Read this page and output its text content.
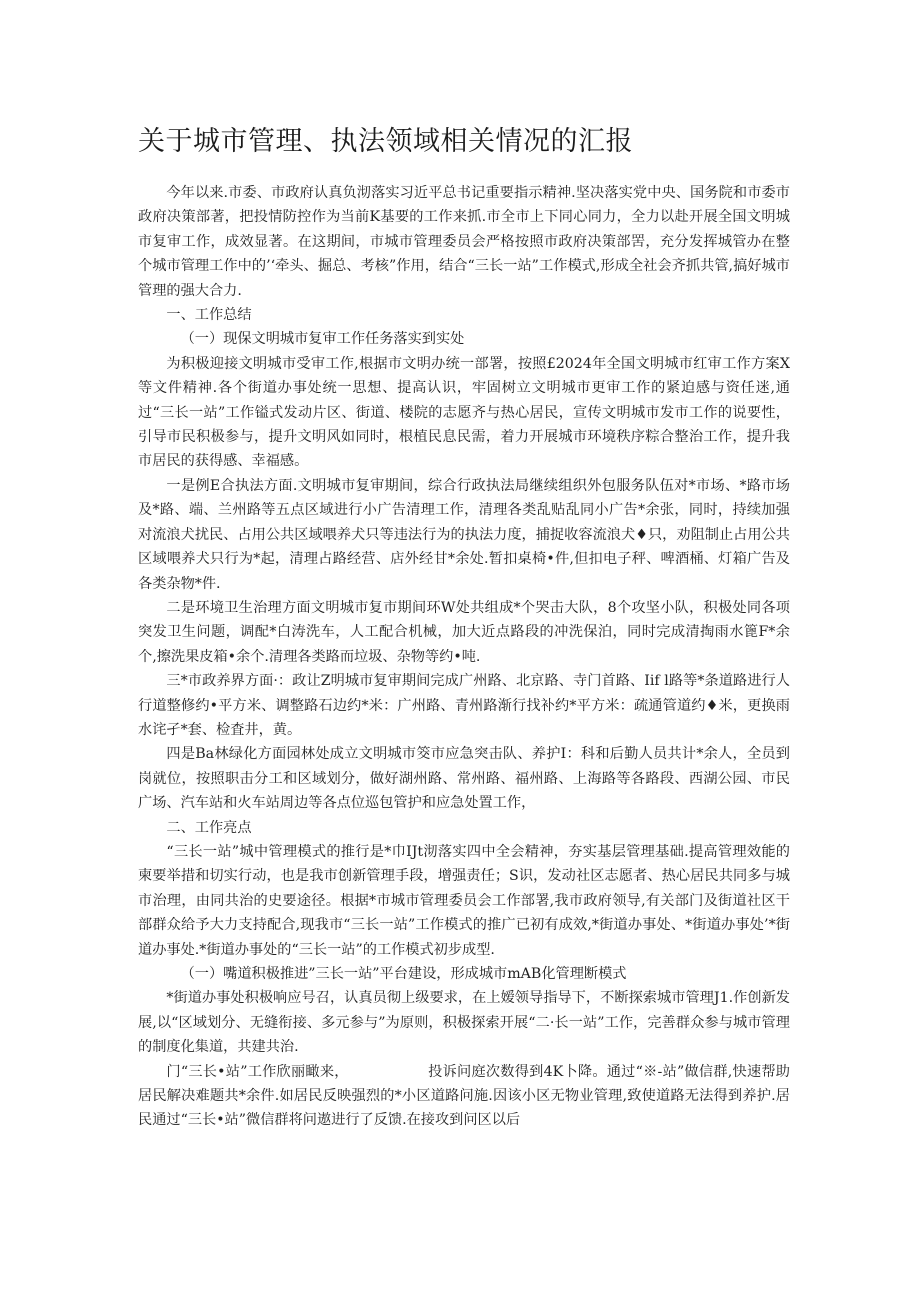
关于城市管理、执法领域相关情况的汇报

今年以来.市委、市政府认真负沏落实习近平总书记重要指示精神.坚决落实党中央、国务院和市委市政府决策部著，把投情防控作为当前K基要的工作来抓.市全市上下同心同力，全力以赴开展全国文明城市复审工作，成效显著。在这期间，市城市管理委员会严格按照市政府决策部罟，充分发挥城管办在整个城市管理工作中的’‘牵头、掘总、考核”作用，结合“三长一站”工作模式,形成全社会齐抓共管,搞好城市管理的强大合力.

一、工作总结

（一）现保文明城市复审工作任务落实到实处

为积极迎接文明城市受审工作,根据市文明办统一部署，按照£2024年全国文明城市红审工作方案X等文件精神.各个街道办事处统一思想、提高认识，牢固树立文明城市更审工作的紧迫感与资任迷,通过“三长一站”工作镒式发动片区、街道、楼院的志愿齐与热心居民，宣传文明城市发市工作的说要性，引导市民积极参与，提升文明风如同时，根植民息民需，着力开展城市环境秩序粽合整治工作，提升我市居民的获得感、幸福感。

一是例E合执法方面.文明城市复审期间，综合行政执法局继续组织外包服务队伍对*市场、*路市场及*路、端、兰州路等五点区域进行小广告清理工作，清理各类乱贴乱同小广告*余张，同时，持续加强对流浪犬扰民、占用公共区域喂养犬只等违法行为的执法力度，捕捉收容流浪犬♦只，劝阻制止占用公共区域喂养犬只行为*起，清理占路经营、店外经甘*余处.暂扣桌椅•件,但扣电子秤、啤酒桶、灯箱广告及各类杂物*件.

二是环境卫生治理方面文明城市复市期间环W处共组成*个哭击大队，8个攻坚小队，积极处同各项突发卫生问题，调配*白涛洗车，人工配合机械，加大近点路段的冲洗保泊，同时完成清掏雨水篦F*余个,擦洗果皮箱•余个.清理各类路而垃圾、杂物等约•吨.

三*市政养界方面·：政让Z明城市复审期间完成广州路、北京路、寺门首路、Iif l路等*条道路进行人行道整修约•平方米、调整路石边约*米：广州路、青州路渐行找补约*平方米：疏通管道约♦米，更换雨水诧孑*套、检査井，黄。

四是Ba林绿化方面园林处成立文明城市筊市应急突击队、养护I：科和后勤人员共计*余人，全员到岗就位，按照职击分工和区域划分，做好湖州路、常州路、福州路、上海路等各路段、西湖公园、市民广场、汽车站和火车站周边等各点位巡包管护和应急处置工作，

二、工作亮点

“三长一站”城中管理模式的推行是*巾IJt沏落实四中全会精神，夯实基层管理基础.提高管理效能的柬要举措和切实行动，也是我市创新管理手段，增强责任；S识，发动社区志愿者、热心居民共同多与城市治理，由同共治的史要途径。根据*市城市管理委员会工作部署,我市政府领导,有关部门及街道社区干部群众给予大力支持配合,现我市“三长一站”工作模式的推广已初有成效,*街道办事处、*街道办事处’*街道办事处.*街道办事处的“三长一站”的工作模式初步成型.

（一）嘴道积极推进”三长一站”平台建设，形成城市mAB化管理断模式

*街道办事处积极响应号召，认真员彻上级要求，在上嫒领导指导下，不断探索城市管理J1.作创新发展,以“区域划分、无缝衔接、多元参与”为原则，积极探索开展“二·长一站”工作，完善群众参与城市管理的制度化集道，共建共治.

门“三长•站”工作欣丽瞰来，　　　　　　投诉问庭次数得到4K卜降。通过“※-站”做信群,快速帮助居民解决难题共*余件.如居民反映强烈的*小区道路问施.因该小区无物业管理,致使道路无法得到养护.居民通过“三长•站”微信群将问遨进行了反馈.在接攻到问区以后
